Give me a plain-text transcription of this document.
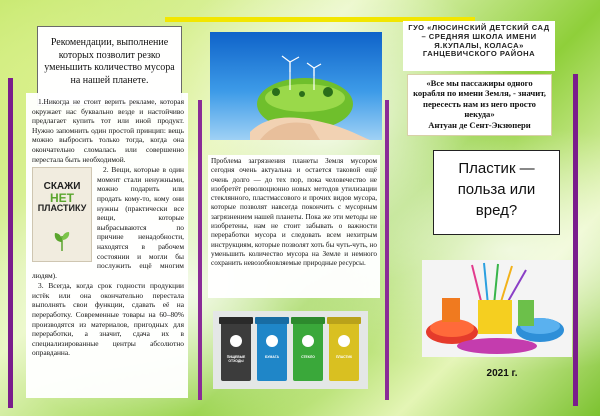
Рекомендации, выполнение которых позволит резко уменьшить количество мусора на нашей планете.

1.Никогда не стоит верить рекламе, которая окружает нас буквально везде и настойчиво предлагает купить тот или иной продукт. Нужно запомнить один простой принцип: вещь можно выбросить только тогда, когда она окончательно сломалась или совершенно перестала быть необходимой.

СКАЖИ
НЕТ
ПЛАСТИКУ

2. Вещи, которые в один момент стали ненужными, можно подарить или продать кому-то, кому они нужны (практически все вещи, которые выбрасываются по причине ненадобности, находятся в рабочем состоянии и могли бы послужить ещё многим людям).

3. Всегда, когда срок годности продукции истёк или она окончательно перестала выполнять свои функции, сдавать её на переработку. Современные товары на 60–80% производятся из материалов, пригодных для переработки, а значит, сдача их в специализированные центры абсолютно оправданна.

Проблема загрязнения планеты Земля мусором сегодня очень актуальна и остается таковой ещё очень долго — до тех пор, пока человечество не изобретёт революционно новых методов утилизации стеклянного, пластмассового и прочих видов мусора, которые позволят навсегда покончить с мусорным загрязнением нашей планеты. Пока же эти методы не изобретены, нам не стоит забывать о важности переработки мусора и следовать всем нехитрым инструкциям, которые позволят хоть бы чуть-чуть, но уменьшить количество мусора на Земле и немного сохранить невозобновляемые природные ресурсы.
ПИЩЕВЫЕ ОТХОДЫ
БУМАГА	СТЕКЛО	ПЛАСТИК
ГУО «ЛЮСИНСКИЙ ДЕТСКИЙ САД – СРЕДНЯЯ ШКОЛА ИМЕНИ Я.КУПАЛЫ, КОЛАСА» ГАНЦЕВИЧСКОГО РАЙОНА
«Все мы пассажиры одного корабля по имени Земля, - значит, пересесть нам из него просто некуда»
Антуан де Сент-Экзюпери
Пластик — польза или вред?
2021 г.
